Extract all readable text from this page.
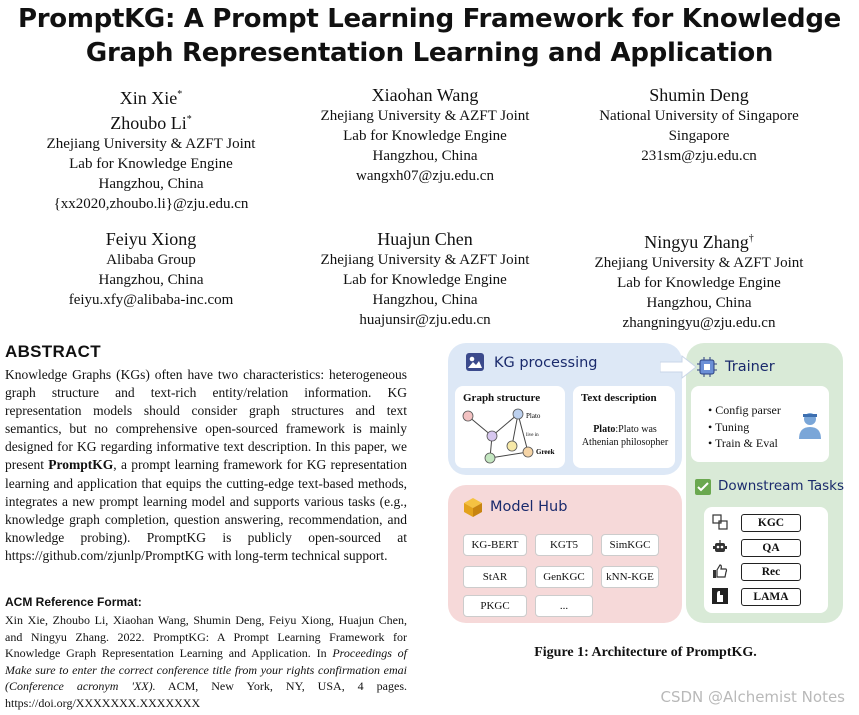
PromptKG: A Prompt Learning Framework for Knowledge
Graph Representation Learning and Application
Xin Xie*
Zhoubo Li*
Zhejiang University & AZFT Joint
Lab for Knowledge Engine
Hangzhou, China
{xx2020,zhoubo.li}@zju.edu.cn
Xiaohan Wang
Zhejiang University & AZFT Joint
Lab for Knowledge Engine
Hangzhou, China
wangxh07@zju.edu.cn
Shumin Deng
National University of Singapore
Singapore
231sm@zju.edu.cn
Feiyu Xiong
Alibaba Group
Hangzhou, China
feiyu.xfy@alibaba-inc.com
Huajun Chen
Zhejiang University & AZFT Joint
Lab for Knowledge Engine
Hangzhou, China
huajunsir@zju.edu.cn
Ningyu Zhang†
Zhejiang University & AZFT Joint
Lab for Knowledge Engine
Hangzhou, China
zhangningyu@zju.edu.cn
ABSTRACT
Knowledge Graphs (KGs) often have two characteristics: heterogeneous graph structure and text-rich entity/relation information. KG representation models should consider graph structures and text semantics, but no comprehensive open-sourced framework is mainly designed for KG regarding informative text description. In this paper, we present PromptKG, a prompt learning framework for KG representation learning and application that equips the cutting-edge text-based methods, integrates a new prompt learning model and supports various tasks (e.g., knowledge graph completion, question answering, recommendation, and knowledge probing). PromptKG is publicly open-sourced at https://github.com/zjunlp/PromptKG with long-term technical support.
ACM Reference Format:
Xin Xie, Zhoubo Li, Xiaohan Wang, Shumin Deng, Feiyu Xiong, Huajun Chen, and Ningyu Zhang. 2022. PromptKG: A Prompt Learning Framework for Knowledge Graph Representation Learning and Application. In Proceedings of Make sure to enter the correct conference title from your rights confirmation emai (Conference acronym 'XX). ACM, New York, NY, USA, 4 pages. https://doi.org/XXXXXXX.XXXXXXX
KG processing
Graph structure
Plato
live in
Greek
Text description
Plato:Plato was Athenian philosopher
Model Hub
KG-BERT	KGT5	SimKGC
StAR	GenKGC	kNN-KGE
PKGC	...
Trainer
• Config parser
• Tuning
• Train & Eval
Downstream Tasks
KGC
QA
Rec
LAMA
Figure 1: Architecture of PromptKG.
CSDN @Alchemist Notes
